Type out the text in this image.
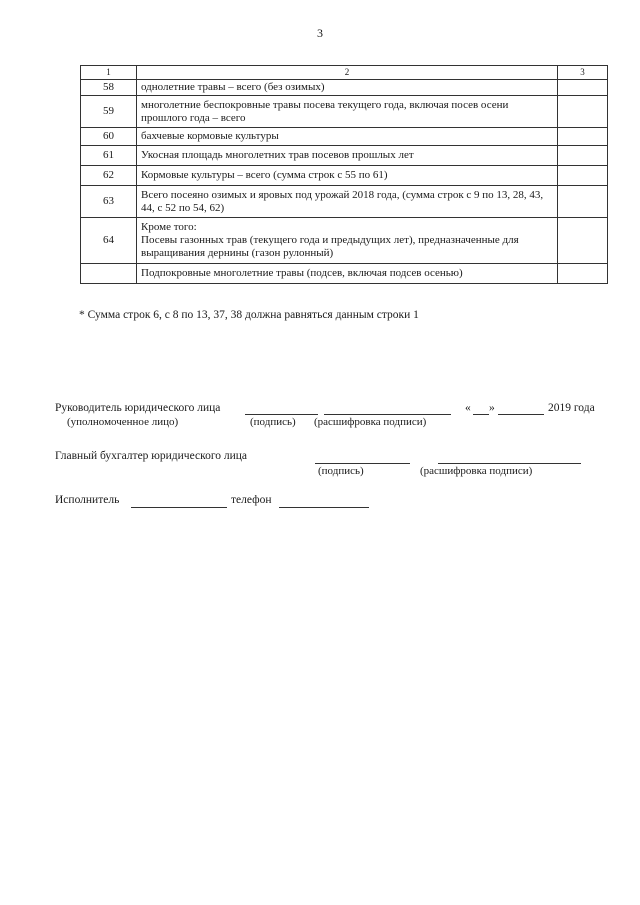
3
1	2	3
58	однолетние травы – всего (без озимых)	
59	многолетние беспокровные травы посева текущего года, включая посев осени прошлого года – всего	
60	бахчевые кормовые культуры	
61	Укосная площадь многолетних трав посевов прошлых лет	
62	Кормовые культуры – всего (сумма строк с 55 по 61)	
63	Всего посеяно озимых и яровых под урожай 2018 года, (сумма строк с 9 по 13, 28, 43, 44, с 52 по 54, 62)	
64	Кроме того:
Посевы газонных трав (текущего года и предыдущих лет), предназначенные для выращивания дернины (газон рулонный)	
	Подпокровные многолетние травы (подсев, включая подсев осенью)	
* Сумма строк 6, с 8 по 13, 37, 38 должна равняться данным строки 1
Руководитель юридического лица	« »	2019 года
(уполномоченное лицо)	(подпись) (расшифровка подписи)
Главный бухгалтер юридического лица
(подпись)	(расшифровка подписи)
Исполнитель	телефон
